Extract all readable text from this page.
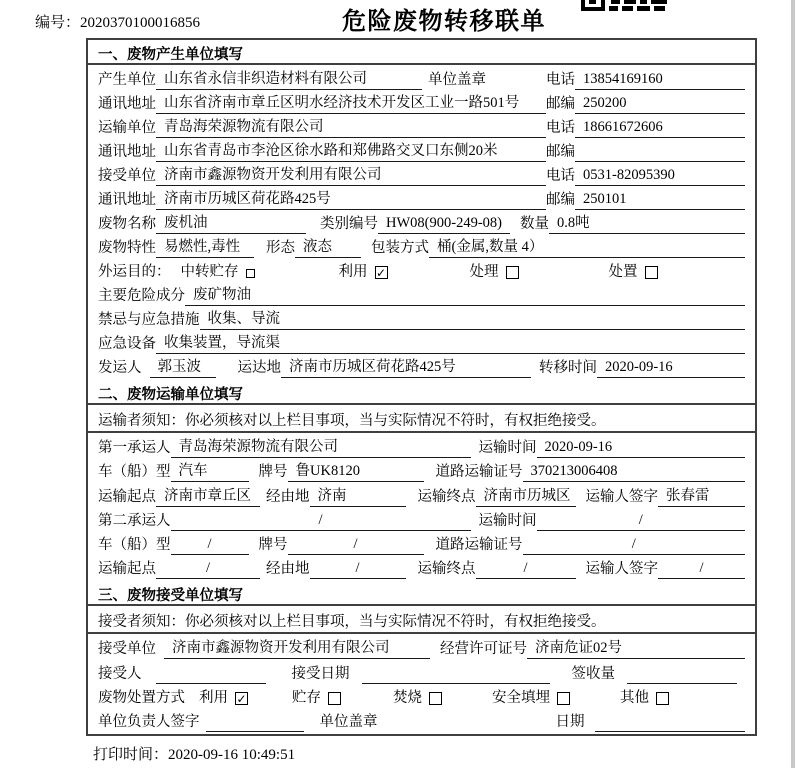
编号：2020370100016856	危险废物转移联单
一、废物产生单位填写
产生单位 山东省永信非织造材料有限公司	单位盖章	电话 13854169160
通讯地址 山东省济南市章丘区明水经济技术开发区工业一路501号	邮编 250200
运输单位 青岛海荣源物流有限公司	电话 18661672606
通讯地址 山东省青岛市李沧区徐水路和郑佛路交叉口东侧20米	邮编
接受单位 济南市鑫源物资开发利用有限公司	电话 0531-82095390
通讯地址 济南市历城区荷花路425号	邮编 250101
废物名称 废机油	类别编号 HW08(900-249-08)	数量 0.8吨
废物特性 易燃性,毒性	形态 液态	包装方式 桶(金属,数量 4）
外运目的： 中转贮存	利用 ✓	处理	处置
主要危险成分 废矿物油
禁忌与应急措施 收集、导流
应急设备 收集装置，导流渠
发运人	郭玉波	运达地 济南市历城区荷花路425号	转移时间 2020-09-16
二、废物运输单位填写
运输者须知：你必须核对以上栏目事项，当与实际情况不符时，有权拒绝接受。
第一承运人 青岛海荣源物流有限公司	运输时间 2020-09-16
车（船）型 汽车	牌号 鲁UK8120	道路运输证号 370213006408
运输起点 济南市章丘区	经由地 济南	运输终点 济南市历城区	运输人签字 张春雷
第二承运人	/	运输时间	/
车（船）型	/	牌号	/	道路运输证号	/
运输起点	/	经由地	/	运输终点	/	运输人签字	/
三、废物接受单位填写
接受者须知：你必须核对以上栏目事项，当与实际情况不符时，有权拒绝接受。
接受单位	济南市鑫源物资开发利用有限公司	经营许可证号 济南危证02号
接受人	接受日期	签收量
废物处置方式 利用 ✓	贮存	焚烧	安全填埋	其他
单位负责人签字	单位盖章	日期
打印时间：2020-09-16 10:49:51
